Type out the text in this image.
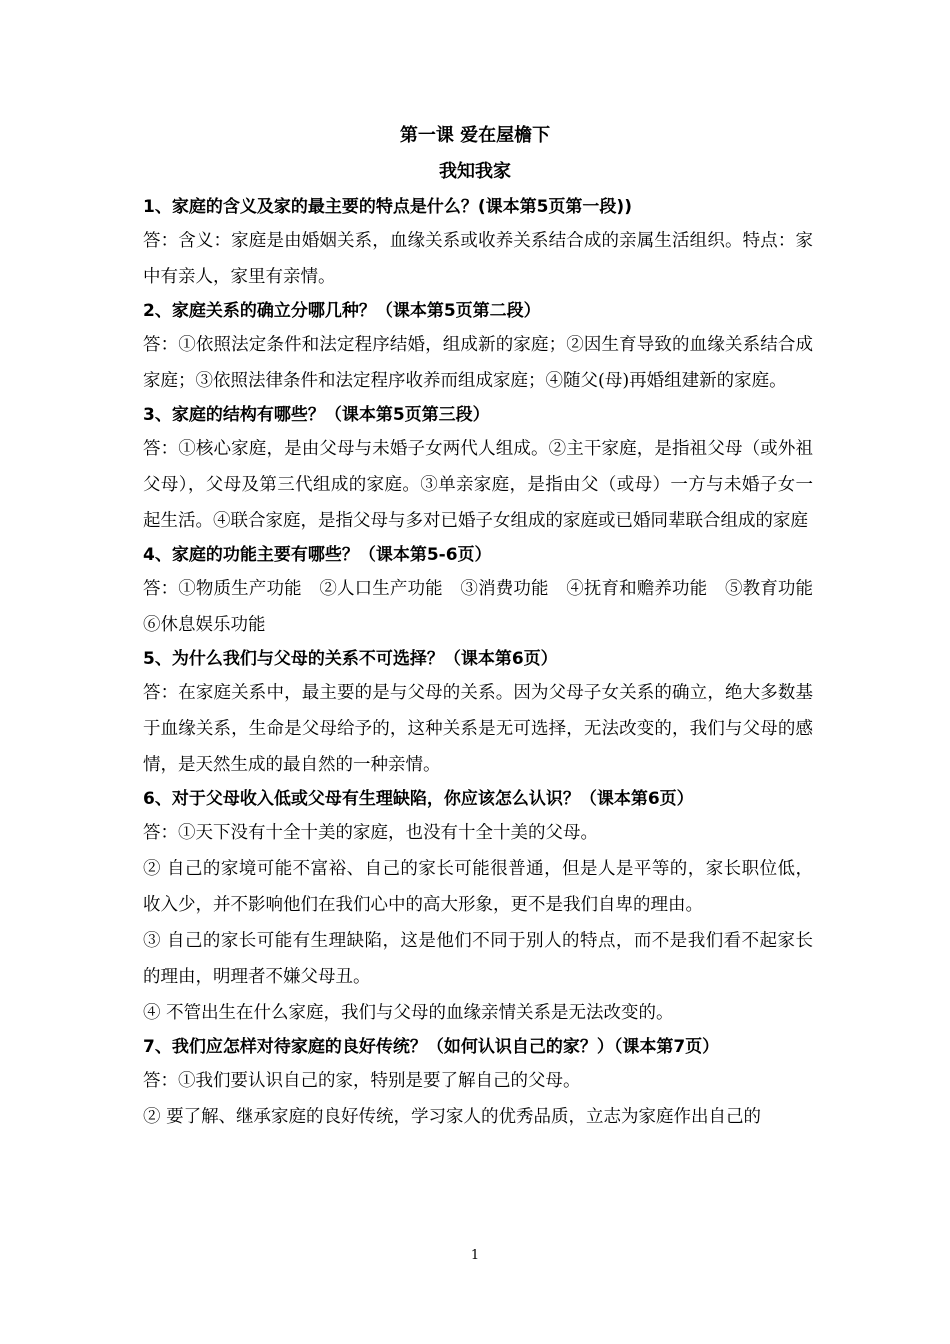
第一课 爱在屋檐下
我知我家

1、家庭的含义及家的最主要的特点是什么？(课本第5页第一段))

答：含义：家庭是由婚姻关系，血缘关系或收养关系结合成的亲属生活组织。特点：家中有亲人，家里有亲情。

2、家庭关系的确立分哪几种？（课本第5页第二段）

答：①依照法定条件和法定程序结婚，组成新的家庭；②因生育导致的血缘关系结合成家庭；③依照法律条件和法定程序收养而组成家庭；④随父(母)再婚组建新的家庭。

3、家庭的结构有哪些？（课本第5页第三段）

答：①核心家庭，是由父母与未婚子女两代人组成。②主干家庭，是指祖父母（或外祖父母），父母及第三代组成的家庭。③单亲家庭，是指由父（或母）一方与未婚子女一起生活。④联合家庭，是指父母与多对已婚子女组成的家庭或已婚同辈联合组成的家庭

4、家庭的功能主要有哪些？（课本第5-6页）

答：①物质生产功能　②人口生产功能　③消费功能　④抚育和赡养功能　⑤教育功能　⑥休息娱乐功能

5、为什么我们与父母的关系不可选择？（课本第6页）

答：在家庭关系中，最主要的是与父母的关系。因为父母子女关系的确立，绝大多数基于血缘关系，生命是父母给予的，这种关系是无可选择，无法改变的，我们与父母的感情，是天然生成的最自然的一种亲情。

6、对于父母收入低或父母有生理缺陷，你应该怎么认识？（课本第6页）

答：①天下没有十全十美的家庭，也没有十全十美的父母。

② 自己的家境可能不富裕、自己的家长可能很普通，但是人是平等的，家长职位低，收入少，并不影响他们在我们心中的高大形象，更不是我们自卑的理由。

③ 自己的家长可能有生理缺陷，这是他们不同于别人的特点，而不是我们看不起家长的理由，明理者不嫌父母丑。

④ 不管出生在什么家庭，我们与父母的血缘亲情关系是无法改变的。

7、我们应怎样对待家庭的良好传统？（如何认识自己的家？）（课本第7页）

答：①我们要认识自己的家，特别是要了解自己的父母。

② 要了解、继承家庭的良好传统，学习家人的优秀品质，立志为家庭作出自己的

1
